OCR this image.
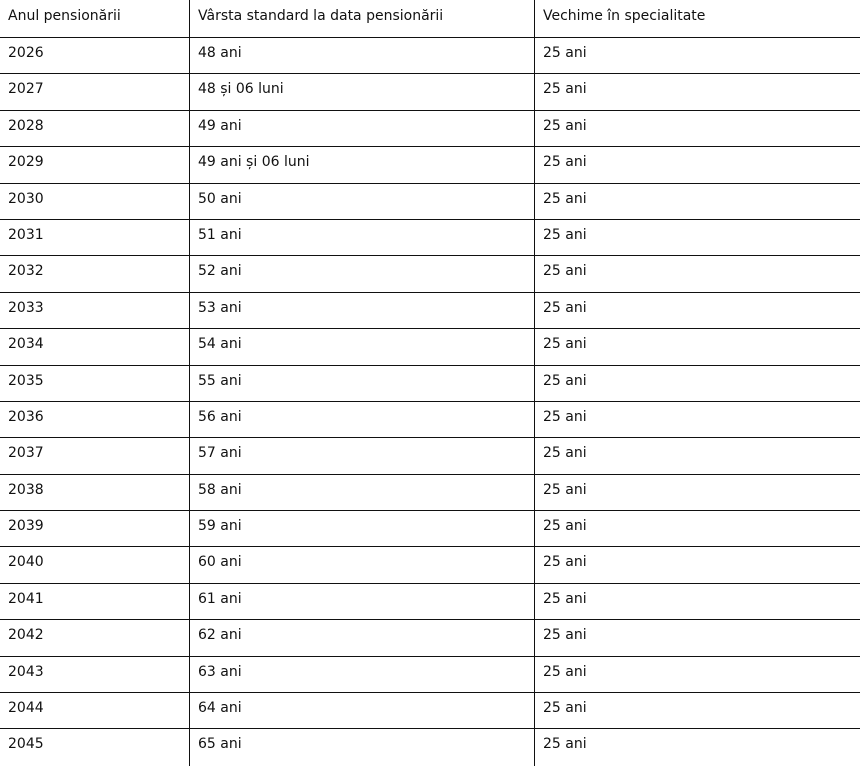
Anul pensionării	Vârsta standard la data pensionării	Vechime în specialitate
2026	48 ani	25 ani
2027	48 și 06 luni	25 ani
2028	49 ani	25 ani
2029	49 ani și 06 luni	25 ani
2030	50 ani	25 ani
2031	51 ani	25 ani
2032	52 ani	25 ani
2033	53 ani	25 ani
2034	54 ani	25 ani
2035	55 ani	25 ani
2036	56 ani	25 ani
2037	57 ani	25 ani
2038	58 ani	25 ani
2039	59 ani	25 ani
2040	60 ani	25 ani
2041	61 ani	25 ani
2042	62 ani	25 ani
2043	63 ani	25 ani
2044	64 ani	25 ani
2045	65 ani	25 ani
